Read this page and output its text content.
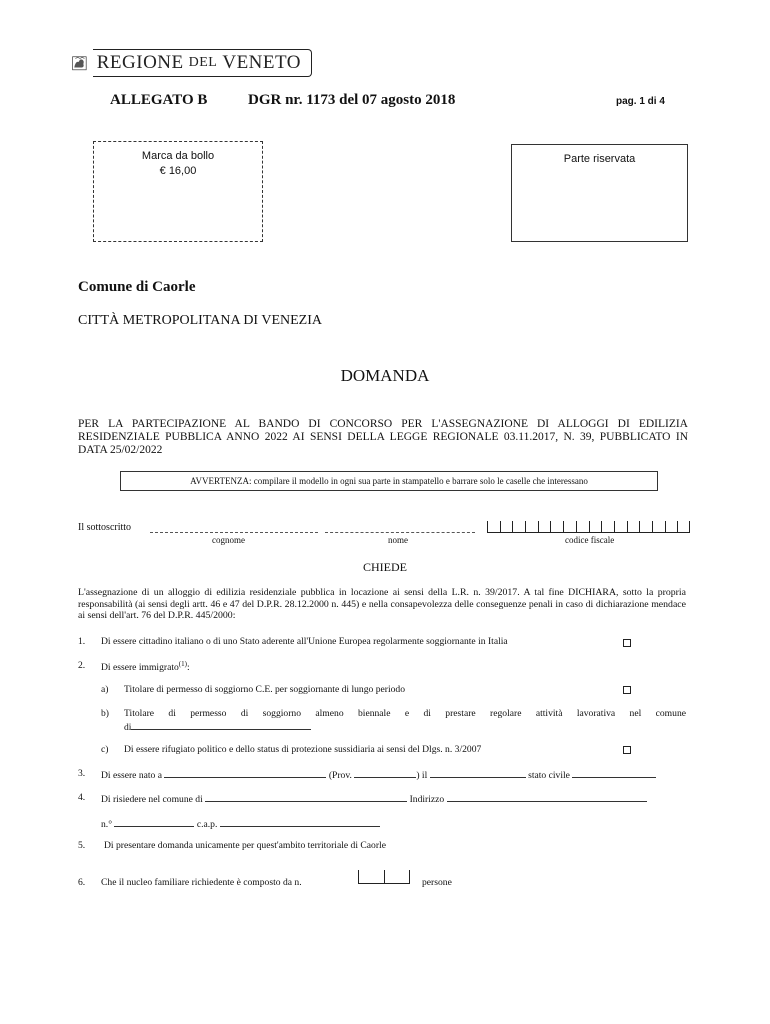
REGIONE DEL VENETO
ALLEGATO B	DGR nr. 1173 del 07 agosto 2018	pag. 1 di 4
Marca da bollo
€ 16,00
Parte riservata
Comune di Caorle
CITTÀ METROPOLITANA DI VENEZIA
DOMANDA
PER LA PARTECIPAZIONE AL BANDO DI CONCORSO PER L'ASSEGNAZIONE DI ALLOGGI DI EDILIZIA RESIDENZIALE PUBBLICA ANNO 2022 AI SENSI DELLA LEGGE REGIONALE 03.11.2017, N. 39, PUBBLICATO IN DATA 25/02/2022
AVVERTENZA: compilare il modello in ogni sua parte in stampatello e barrare solo le caselle che interessano
Il sottoscritto
cognome	nome	codice fiscale
CHIEDE
L'assegnazione di un alloggio di edilizia residenziale pubblica in locazione ai sensi della L.R. n. 39/2017. A tal fine DICHIARA, sotto la propria responsabilità (ai sensi degli artt. 46 e 47 del D.P.R. 28.12.2000 n. 445) e nella consapevolezza delle conseguenze penali in caso di dichiarazione mendace ai sensi dell'art. 76 del D.P.R. 445/2000:
1. Di essere cittadino italiano o di uno Stato aderente all'Unione Europea regolarmente soggiornante in Italia
2. Di essere immigrato$^{(1)}$:
a) Titolare di permesso di soggiorno C.E. per soggiornante di lungo periodo
b) Titolare di permesso di soggiorno almeno biennale e di prestare regolare attività lavorativa nel comune
di
c) Di essere rifugiato politico e dello status di protezione sussidiaria ai sensi del Dlgs. n. 3/2007
3. Di essere nato a	(Prov.	) il	stato civile
4. Di risiedere nel comune di	Indirizzo
n.°	c.a.p.
5. Di presentare domanda unicamente per quest'ambito territoriale di Caorle
6. Che il nucleo familiare richiedente è composto da n.	persone
